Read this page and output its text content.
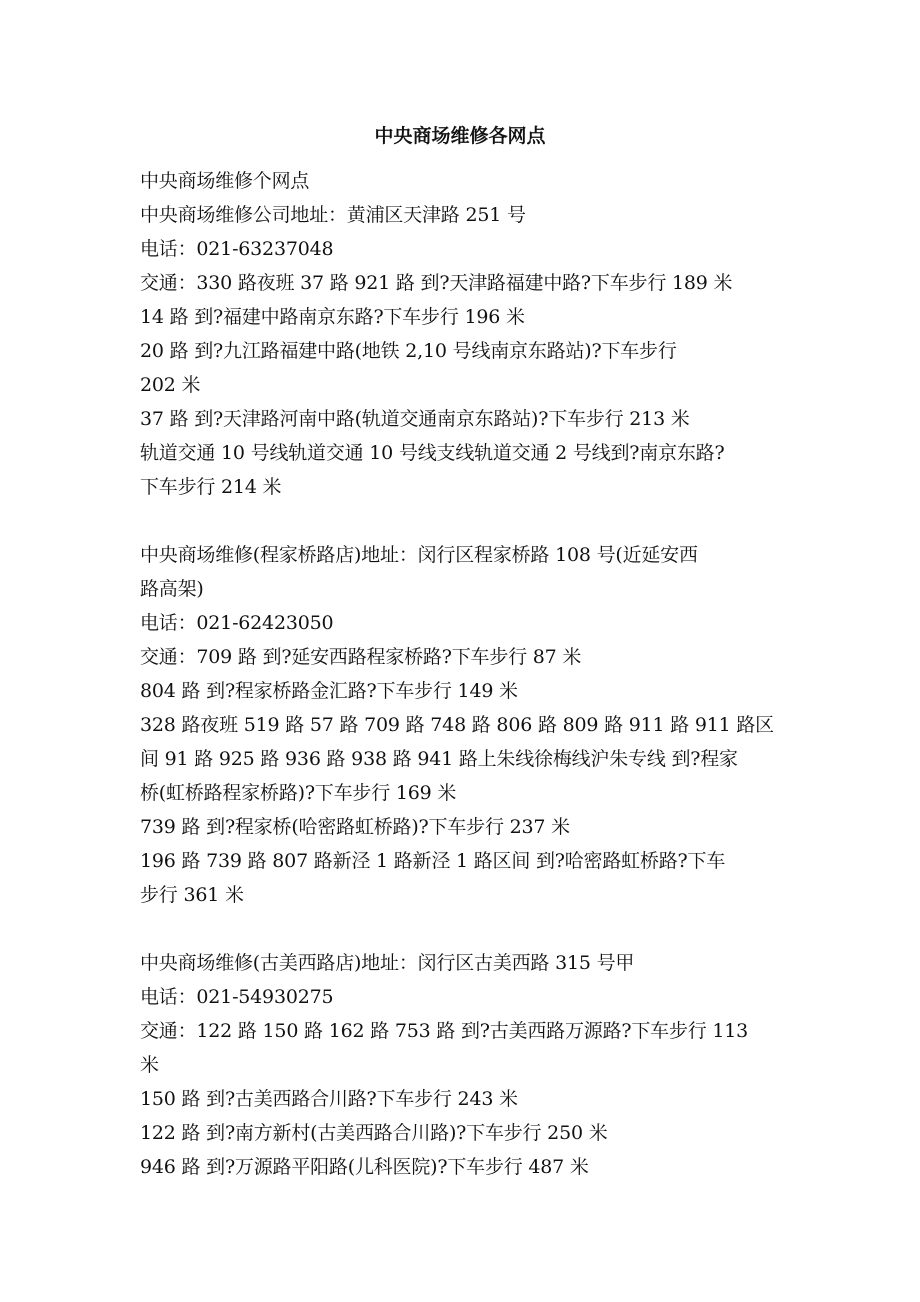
中央商场维修各网点
中央商场维修个网点
中央商场维修公司地址：黄浦区天津路 251 号
电话：021-63237048
交通：330 路夜班 37 路 921 路 到?天津路福建中路?下车步行 189 米
14 路 到?福建中路南京东路?下车步行 196 米
20 路 到?九江路福建中路(地铁 2,10 号线南京东路站)?下车步行
202 米
37 路 到?天津路河南中路(轨道交通南京东路站)?下车步行 213 米
轨道交通 10 号线轨道交通 10 号线支线轨道交通 2 号线到?南京东路?
下车步行 214 米
中央商场维修(程家桥路店)地址：闵行区程家桥路 108 号(近延安西
路高架)
电话：021-62423050
交通：709 路 到?延安西路程家桥路?下车步行 87 米
804 路 到?程家桥路金汇路?下车步行 149 米
328 路夜班 519 路 57 路 709 路 748 路 806 路 809 路 911 路 911 路区
间 91 路 925 路 936 路 938 路 941 路上朱线徐梅线沪朱专线 到?程家
桥(虹桥路程家桥路)?下车步行 169 米
739 路 到?程家桥(哈密路虹桥路)?下车步行 237 米
196 路 739 路 807 路新泾 1 路新泾 1 路区间 到?哈密路虹桥路?下车
步行 361 米
中央商场维修(古美西路店)地址：闵行区古美西路 315 号甲
电话：021-54930275
交通：122 路 150 路 162 路 753 路 到?古美西路万源路?下车步行 113
米
150 路 到?古美西路合川路?下车步行 243 米
122 路 到?南方新村(古美西路合川路)?下车步行 250 米
946 路 到?万源路平阳路(儿科医院)?下车步行 487 米
